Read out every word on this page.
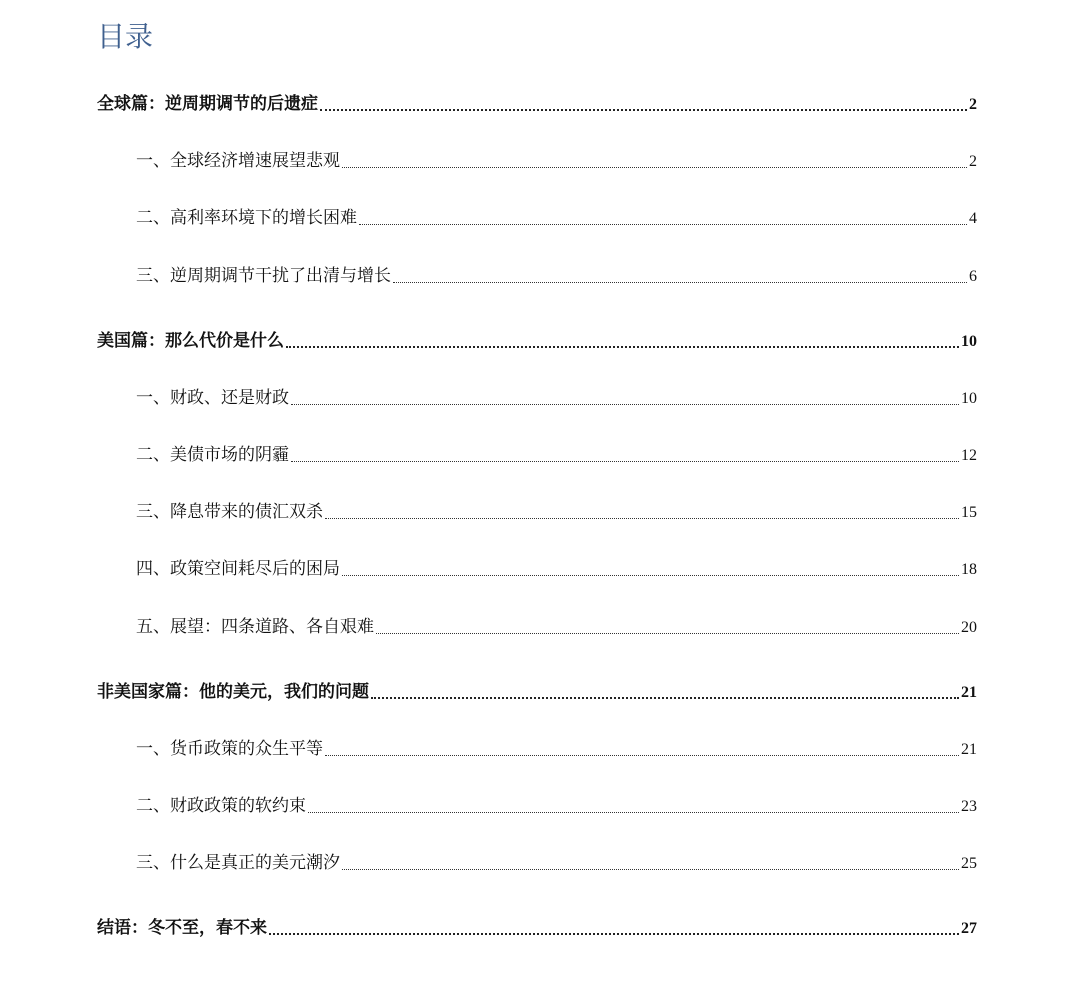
目录
全球篇：逆周期调节的后遗症	2
一、全球经济增速展望悲观	2
二、高利率环境下的增长困难	4
三、逆周期调节干扰了出清与增长	6
美国篇：那么代价是什么	10
一、财政、还是财政	10
二、美债市场的阴霾	12
三、降息带来的债汇双杀	15
四、政策空间耗尽后的困局	18
五、展望：四条道路、各自艰难	20
非美国家篇：他的美元，我们的问题	21
一、货币政策的众生平等	21
二、财政政策的软约束	23
三、什么是真正的美元潮汐	25
结语：冬不至，春不来	27
